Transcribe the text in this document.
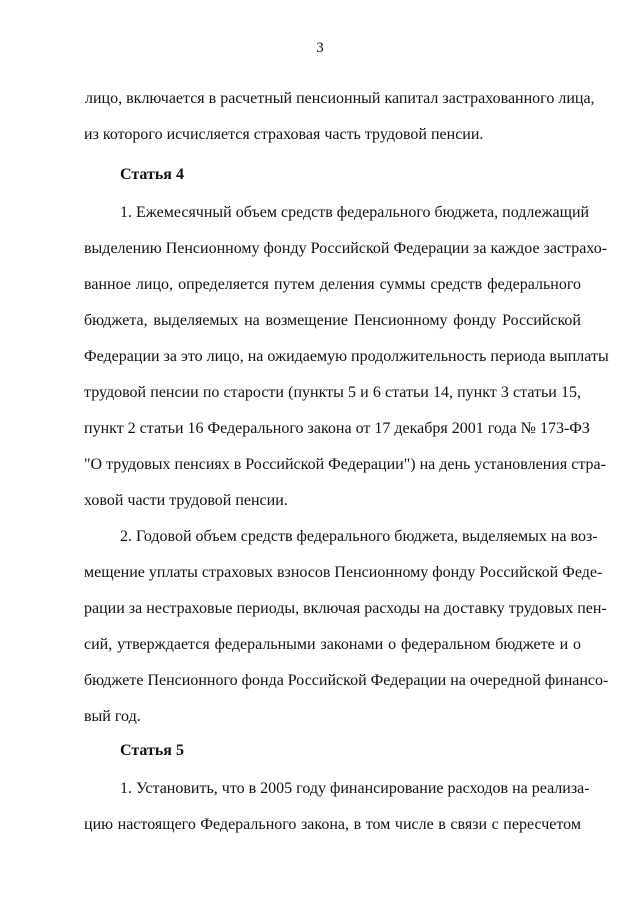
3
лицо, включается в расчетный пенсионный капитал застрахованного лица,
из которого исчисляется страховая часть трудовой пенсии.
Статья 4
1. Ежемесячный объем средств федерального бюджета, подлежащий
выделению Пенсионному фонду Российской Федерации за каждое застрахо-
ванное лицо, определяется путем деления суммы средств федерального
бюджета, выделяемых на возмещение Пенсионному фонду Российской
Федерации за это лицо, на ожидаемую продолжительность периода выплаты
трудовой пенсии по старости (пункты 5 и 6 статьи 14, пункт 3 статьи 15,
пункт 2 статьи 16 Федерального закона от 17 декабря 2001 года № 173-ФЗ
"О трудовых пенсиях в Российской Федерации") на день установления стра-
ховой части трудовой пенсии.
2. Годовой объем средств федерального бюджета, выделяемых на воз-
мещение уплаты страховых взносов Пенсионному фонду Российской Феде-
рации за нестраховые периоды, включая расходы на доставку трудовых пен-
сий, утверждается федеральными законами о федеральном бюджете и о
бюджете Пенсионного фонда Российской Федерации на очередной финансо-
вый год.
Статья 5
1. Установить, что в 2005 году финансирование расходов на реализа-
цию настоящего Федерального закона, в том числе в связи с пересчетом
